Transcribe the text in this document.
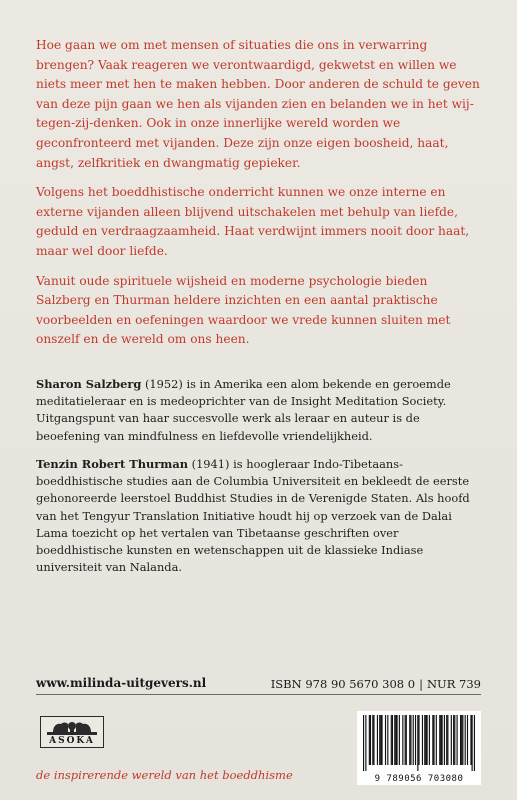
Hoe gaan we om met mensen of situaties die ons in verwarring brengen? Vaak reageren we verontwaardigd, gekwetst en willen we niets meer met hen te maken hebben. Door anderen de schuld te geven van deze pijn gaan we hen als vijanden zien en belanden we in het wij-tegen-zij-denken. Ook in onze innerlijke wereld worden we geconfronteerd met vijanden. Deze zijn onze eigen boosheid, haat, angst, zelfkritiek en dwangmatig gepieker.

Volgens het boeddhistische onderricht kunnen we onze interne en externe vijanden alleen blijvend uitschakelen met behulp van liefde, geduld en verdraagzaamheid. Haat verdwijnt immers nooit door haat, maar wel door liefde.

Vanuit oude spirituele wijsheid en moderne psychologie bieden Salzberg en Thurman heldere inzichten en een aantal praktische voorbeelden en oefeningen waardoor we vrede kunnen sluiten met onszelf en de wereld om ons heen.

Sharon Salzberg (1952) is in Amerika een alom bekende en geroemde meditatieleraar en is medeoprichter van de Insight Meditation Society. Uitgangspunt van haar succesvolle werk als leraar en auteur is de beoefening van mindfulness en liefdevolle vriendelijkheid.
Tenzin Robert Thurman (1941) is hoogleraar Indo-Tibetaans-boeddhistische studies aan de Columbia Universiteit en bekleedt de eerste gehonoreerde leerstoel Buddhist Studies in de Verenigde Staten. Als hoofd van het Tengyur Translation Initiative houdt hij op verzoek van de Dalai Lama toezicht op het vertalen van Tibetaanse geschriften over boeddhistische kunsten en wetenschappen uit de klassieke Indiase universiteit van Nalanda.
www.milinda-uitgevers.nl	ISBN 978 90 5670 308 0 | NUR 739
ASOKA
de inspirerende wereld van het boeddhisme	9 789056 703080
